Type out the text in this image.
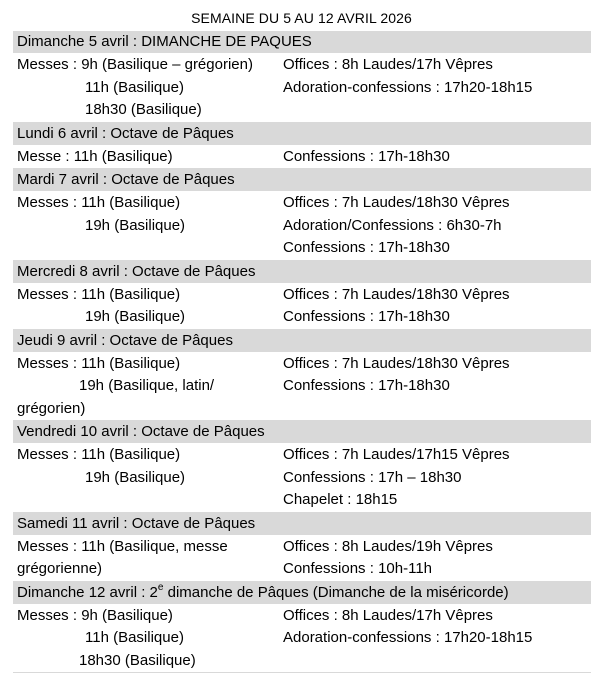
SEMAINE DU 5 AU 12 AVRIL 2026
Dimanche 5 avril : DIMANCHE DE PAQUES
Messes : 9h (Basilique – grégorien)
11h (Basilique)
18h30 (Basilique)
Offices : 8h Laudes/17h Vêpres
Adoration-confessions : 17h20-18h15
Lundi 6 avril : Octave de Pâques
Messe : 11h (Basilique)	Confessions : 17h-18h30
Mardi 7 avril : Octave de Pâques
Messes : 11h (Basilique)
19h (Basilique)
Offices : 7h Laudes/18h30 Vêpres
Adoration/Confessions : 6h30-7h
Confessions : 17h-18h30
Mercredi 8 avril : Octave de Pâques
Messes : 11h (Basilique)
19h (Basilique)
Offices : 7h Laudes/18h30 Vêpres
Confessions : 17h-18h30
Jeudi 9 avril : Octave de Pâques
Messes : 11h (Basilique)
19h (Basilique, latin/
grégorien)
Offices : 7h Laudes/18h30 Vêpres
Confessions : 17h-18h30
Vendredi 10 avril : Octave de Pâques
Messes : 11h (Basilique)
19h (Basilique)
Offices : 7h Laudes/17h15 Vêpres
Confessions : 17h – 18h30
Chapelet : 18h15
Samedi 11 avril : Octave de Pâques
Messes : 11h (Basilique, messe
grégorienne)
Offices : 8h Laudes/19h Vêpres
Confessions : 10h-11h
Dimanche 12 avril : 2e dimanche de Pâques (Dimanche de la miséricorde)
Messes : 9h (Basilique)
11h (Basilique)
18h30 (Basilique)
Offices : 8h Laudes/17h Vêpres
Adoration-confessions : 17h20-18h15
